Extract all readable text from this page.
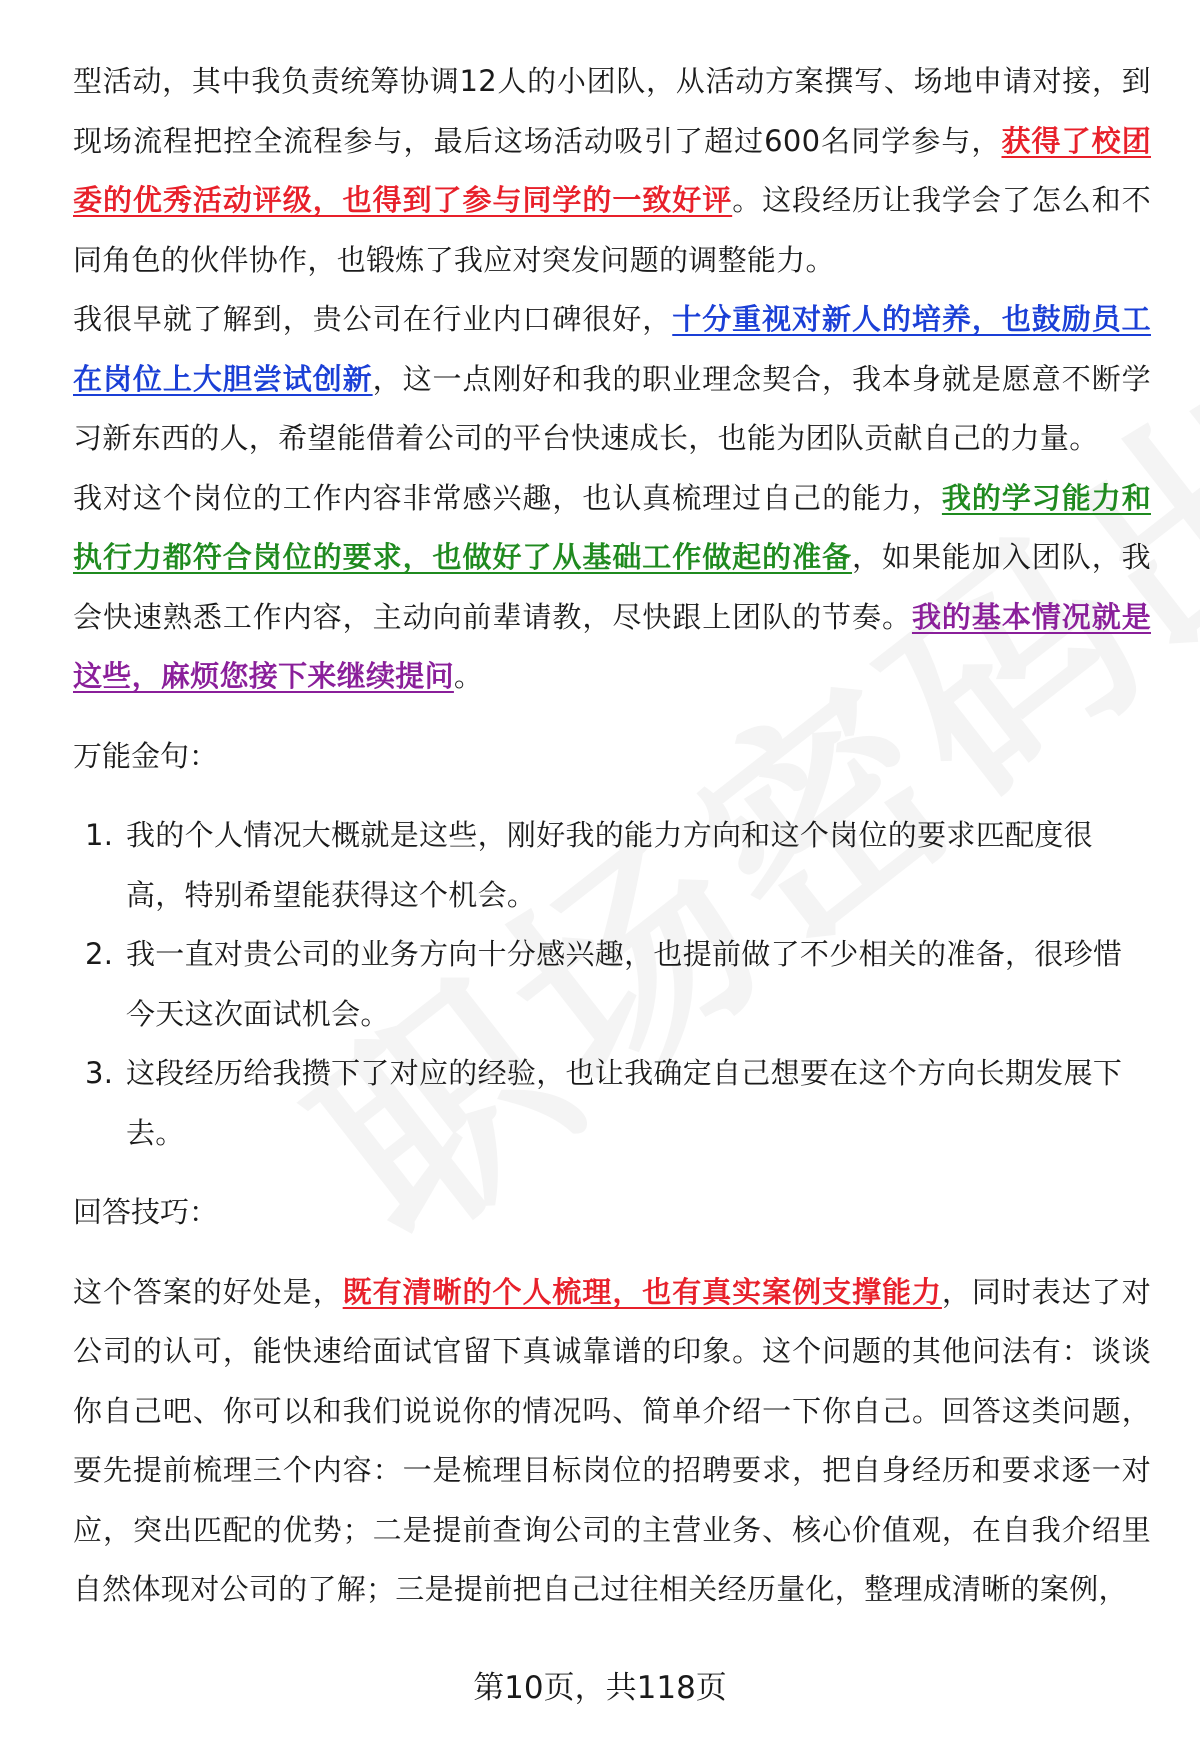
型活动，其中我负责统筹协调12人的小团队，从活动方案撰写、场地申请对接，到现场流程把控全流程参与，最后这场活动吸引了超过600名同学参与，获得了校团委的优秀活动评级，也得到了参与同学的一致好评。这段经历让我学会了怎么和不同角色的伙伴协作，也锻炼了我应对突发问题的调整能力。

我很早就了解到，贵公司在行业内口碑很好，十分重视对新人的培养，也鼓励员工在岗位上大胆尝试创新，这一点刚好和我的职业理念契合，我本身就是愿意不断学习新东西的人，希望能借着公司的平台快速成长，也能为团队贡献自己的力量。

我对这个岗位的工作内容非常感兴趣，也认真梳理过自己的能力，我的学习能力和执行力都符合岗位的要求，也做好了从基础工作做起的准备，如果能加入团队，我会快速熟悉工作内容，主动向前辈请教，尽快跟上团队的节奏。我的基本情况就是这些，麻烦您接下来继续提问。

万能金句：

1. 我的个人情况大概就是这些，刚好我的能力方向和这个岗位的要求匹配度很高，特别希望能获得这个机会。
2. 我一直对贵公司的业务方向十分感兴趣，也提前做了不少相关的准备，很珍惜今天这次面试机会。
3. 这段经历给我攒下了对应的经验，也让我确定自己想要在这个方向长期发展下去。

回答技巧：

这个答案的好处是，既有清晰的个人梳理，也有真实案例支撑能力，同时表达了对公司的认可，能快速给面试官留下真诚靠谱的印象。这个问题的其他问法有：谈谈你自己吧、你可以和我们说说你的情况吗、简单介绍一下你自己。回答这类问题，要先提前梳理三个内容：一是梳理目标岗位的招聘要求，把自身经历和要求逐一对应，突出匹配的优势；二是提前查询公司的主营业务、核心价值观，在自我介绍里自然体现对公司的了解；三是提前把自己过往相关经历量化，整理成清晰的案例，

第10页，共118页
